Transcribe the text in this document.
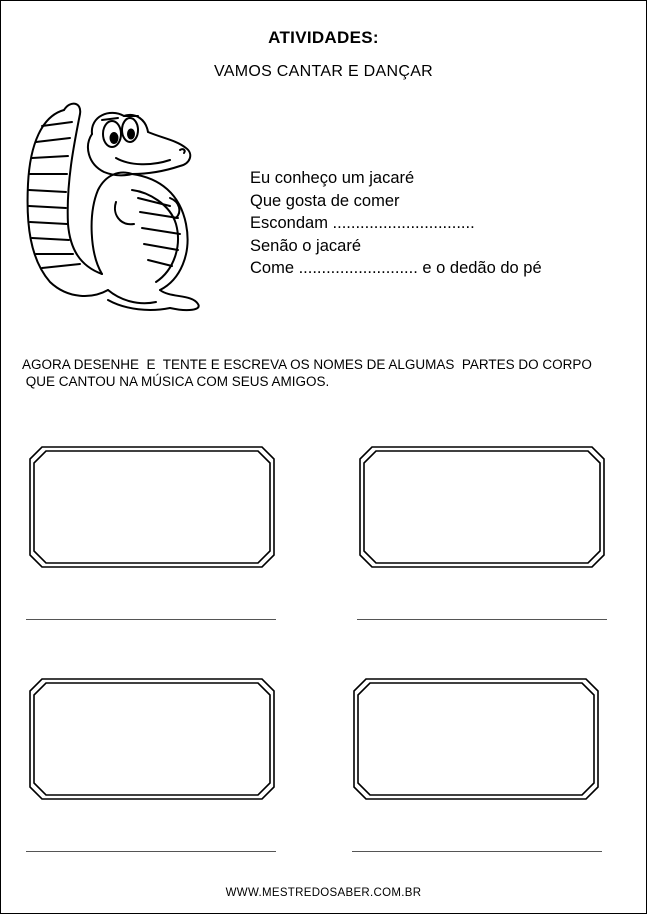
ATIVIDADES:
VAMOS CANTAR E DANÇAR
Eu conheço um jacaré
Que gosta de comer
Escondam ...............................
Senão o jacaré
Come .......................... e o dedão do pé
AGORA DESENHE  E  TENTE E ESCREVA OS NOMES DE ALGUMAS  PARTES DO CORPO
QUE CANTOU NA MÚSICA COM SEUS AMIGOS.
WWW.MESTREDOSABER.COM.BR
